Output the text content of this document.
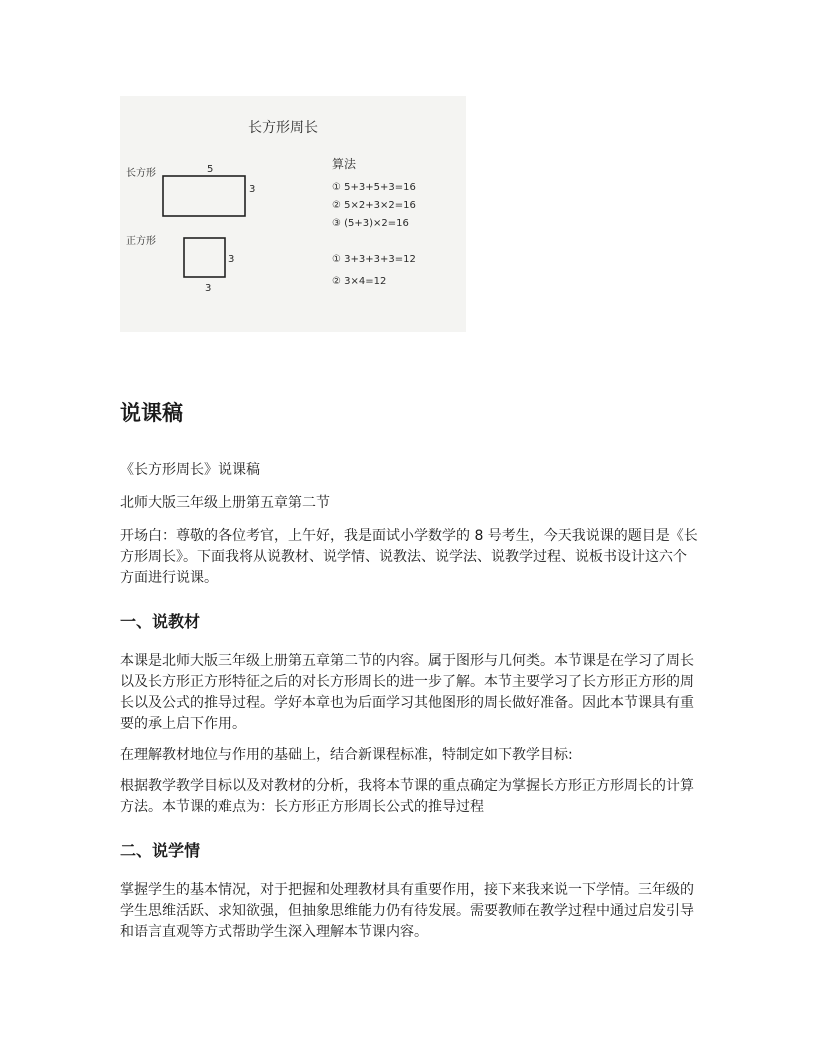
长方形周长
长方形	5
3
正方形
3
3
算法
① 5+3+5+3=16
② 5×2+3×2=16
③ (5+3)×2=16
① 3+3+3+3=12
② 3×4=12
说课稿

《长方形周长》说课稿

北师大版三年级上册第五章第二节

开场白：尊敬的各位考官，上午好，我是面试小学数学的 8 号考生，今天我说课的题目是《长方形周长》。下面我将从说教材、说学情、说教法、说学法、说教学过程、说板书设计这六个方面进行说课。

一、说教材

本课是北师大版三年级上册第五章第二节的内容。属于图形与几何类。本节课是在学习了周长以及长方形正方形特征之后的对长方形周长的进一步了解。本节主要学习了长方形正方形的周长以及公式的推导过程。学好本章也为后面学习其他图形的周长做好准备。因此本节课具有重要的承上启下作用。

在理解教材地位与作用的基础上，结合新课程标准，特制定如下教学目标:

根据教学教学目标以及对教材的分析，我将本节课的重点确定为掌握长方形正方形周长的计算方法。本节课的难点为：长方形正方形周长公式的推导过程

二、说学情

掌握学生的基本情况，对于把握和处理教材具有重要作用，接下来我来说一下学情。三年级的学生思维活跃、求知欲强，但抽象思维能力仍有待发展。需要教师在教学过程中通过启发引导和语言直观等方式帮助学生深入理解本节课内容。
